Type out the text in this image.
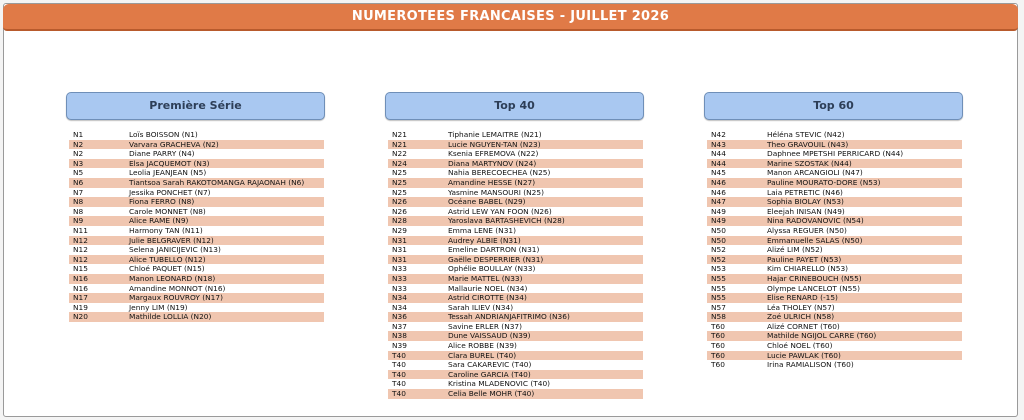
NUMEROTEES FRANCAISES - JUILLET 2026
Première Série
N1	Loïs BOISSON (N1)
N2	Varvara GRACHEVA (N2)
N2	Diane PARRY (N4)
N3	Elsa JACQUEMOT (N3)
N5	Leolia JEANJEAN (N5)
N6	Tiantsoa Sarah RAKOTOMANGA RAJAONAH (N6)
N7	Jessika PONCHET (N7)
N8	Fiona FERRO (N8)
N8	Carole MONNET (N8)
N9	Alice RAME (N9)
N11	Harmony TAN (N11)
N12	Julie BELGRAVER (N12)
N12	Selena JANICIJEVIC (N13)
N12	Alice TUBELLO (N12)
N15	Chloé PAQUET (N15)
N16	Manon LEONARD (N18)
N16	Amandine MONNOT (N16)
N17	Margaux ROUVROY (N17)
N19	Jenny LIM (N19)
N20	Mathilde LOLLIA (N20)
Top 40
N21	Tiphanie LEMAITRE (N21)
N21	Lucie NGUYEN-TAN (N23)
N22	Ksenia EFREMOVA (N22)
N24	Diana MARTYNOV (N24)
N25	Nahia BERECOECHEA (N25)
N25	Amandine HESSE (N27)
N25	Yasmine MANSOURI (N25)
N26	Océane BABEL (N29)
N26	Astrid LEW YAN FOON (N26)
N28	Yaroslava BARTASHEVICH (N28)
N29	Emma LENE (N31)
N31	Audrey ALBIE (N31)
N31	Emeline DARTRON (N31)
N31	Gaëlle DESPERRIER (N31)
N33	Ophélie BOULLAY (N33)
N33	Marie MATTEL (N33)
N33	Mallaurie NOEL (N34)
N34	Astrid CIROTTE (N34)
N34	Sarah ILIEV (N34)
N36	Tessah ANDRIANJAFITRIMO (N36)
N37	Savine ERLER (N37)
N38	Dune VAISSAUD (N39)
N39	Alice ROBBE (N39)
T40	Clara BUREL (T40)
T40	Sara CAKAREVIC (T40)
T40	Caroline GARCIA (T40)
T40	Kristina MLADENOVIC (T40)
T40	Celia Belle MOHR (T40)
Top 60
N42	Héléna STEVIC (N42)
N43	Theo GRAVOUIL (N43)
N44	Daphnee MPETSHI PERRICARD (N44)
N44	Marine SZOSTAK (N44)
N45	Manon ARCANGIOLI (N47)
N46	Pauline MOURATO-DORE (N53)
N46	Laia PETRETIC (N46)
N47	Sophia BIOLAY (N53)
N49	Eleejah INISAN (N49)
N49	Nina RADOVANOVIC (N54)
N50	Alyssa REGUER (N50)
N50	Emmanuelle SALAS (N50)
N52	Alizé LIM (N52)
N52	Pauline PAYET (N53)
N53	Kim CHIARELLO (N53)
N55	Hajar CRINEBOUCH (N55)
N55	Olympe LANCELOT (N55)
N55	Elise RENARD (-15)
N57	Léa THOLEY (N57)
N58	Zoé ULRICH (N58)
T60	Alizé CORNET (T60)
T60	Mathilde NGIJOL CARRE (T60)
T60	Chloé NOEL (T60)
T60	Lucie PAWLAK (T60)
T60	Irina RAMIALISON (T60)
